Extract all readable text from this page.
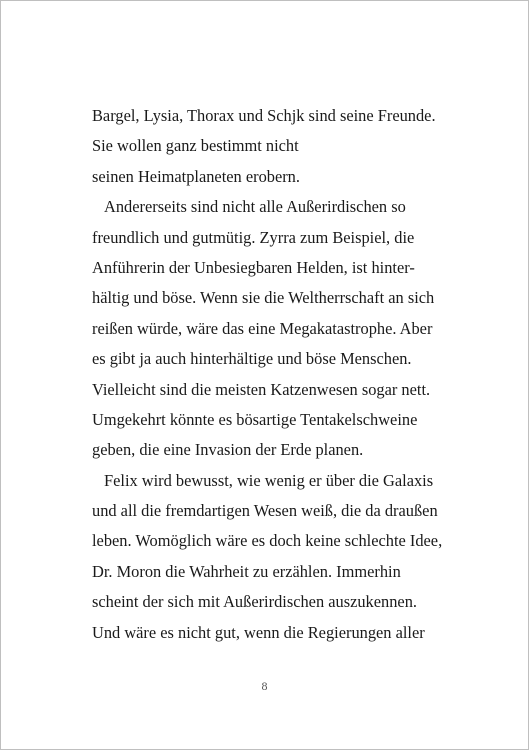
Bargel, Lysia, Thorax und Schjk sind seine Freunde.
Sie wollen ganz bestimmt nicht
seinen Heimatplaneten erobern.
Andererseits sind nicht alle Außerirdischen so
freundlich und gutmütig. Zyrra zum Beispiel, die
Anführerin der Unbesiegbaren Helden, ist hinter-
hältig und böse. Wenn sie die Weltherrschaft an sich
reißen würde, wäre das eine Megakatastrophe. Aber
es gibt ja auch hinterhältige und böse Menschen.
Vielleicht sind die meisten Katzenwesen sogar nett.
Umgekehrt könnte es bösartige Tentakelschweine
geben, die eine Invasion der Erde planen.
Felix wird bewusst, wie wenig er über die Galaxis
und all die fremdartigen Wesen weiß, die da draußen
leben. Womöglich wäre es doch keine schlechte Idee,
Dr. Moron die Wahrheit zu erzählen. Immerhin
scheint der sich mit Außerirdischen auszukennen.
Und wäre es nicht gut, wenn die Regierungen aller
8
